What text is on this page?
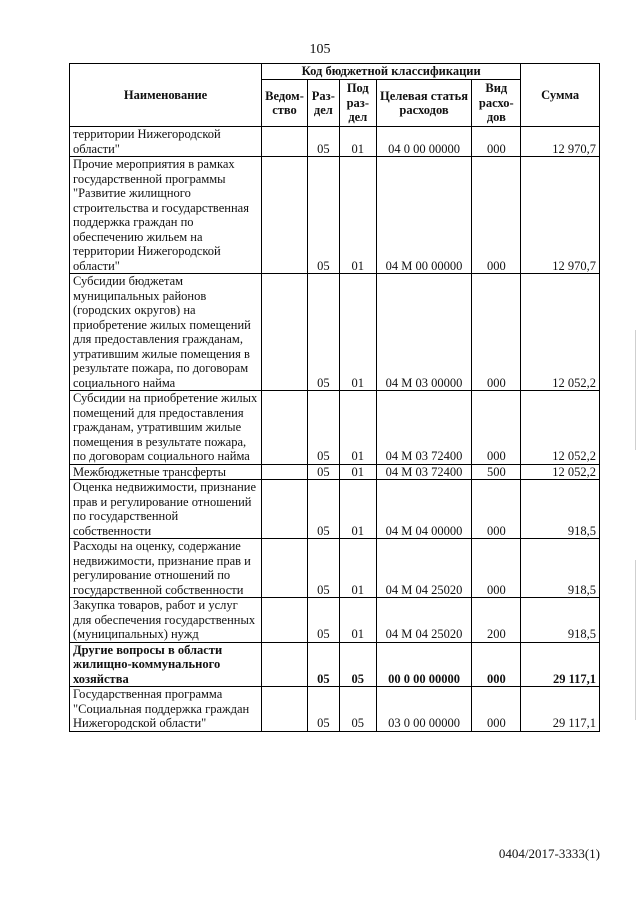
105
Наименование	Код бюджетной классификации					Сумма
	Ведом-ство	Раз-дел	Под раз-дел	Целевая статья расходов	Вид расхо-дов	
территории Нижегородской области"		05	01	04 0 00 00000	000	12 970,7
Прочие мероприятия в рамках государственной программы "Развитие жилищного строительства и государственная поддержка граждан по обеспечению жильем на территории Нижегородской области"		05	01	04 М 00 00000	000	12 970,7
Субсидии бюджетам муниципальных районов (городских округов) на приобретение жилых помещений для предоставления гражданам, утратившим жилые помещения в результате пожара, по договорам социального найма		05	01	04 М 03 00000	000	12 052,2
Субсидии на приобретение жилых помещений для предоставления гражданам, утратившим жилые помещения в результате пожара, по договорам социального найма		05	01	04 М 03 72400	000	12 052,2
Межбюджетные трансферты		05	01	04 М 03 72400	500	12 052,2
Оценка недвижимости, признание прав и регулирование отношений по государственной собственности		05	01	04 М 04 00000	000	918,5
Расходы на оценку, содержание недвижимости, признание прав и регулирование отношений по государственной собственности		05	01	04 М 04 25020	000	918,5
Закупка товаров, работ и услуг для обеспечения государственных (муниципальных) нужд		05	01	04 М 04 25020	200	918,5
Другие вопросы в области жилищно-коммунального хозяйства		05	05	00 0 00 00000	000	29 117,1
Государственная программа "Социальная поддержка граждан Нижегородской области"		05	05	03 0 00 00000	000	29 117,1
0404/2017-3333(1)
